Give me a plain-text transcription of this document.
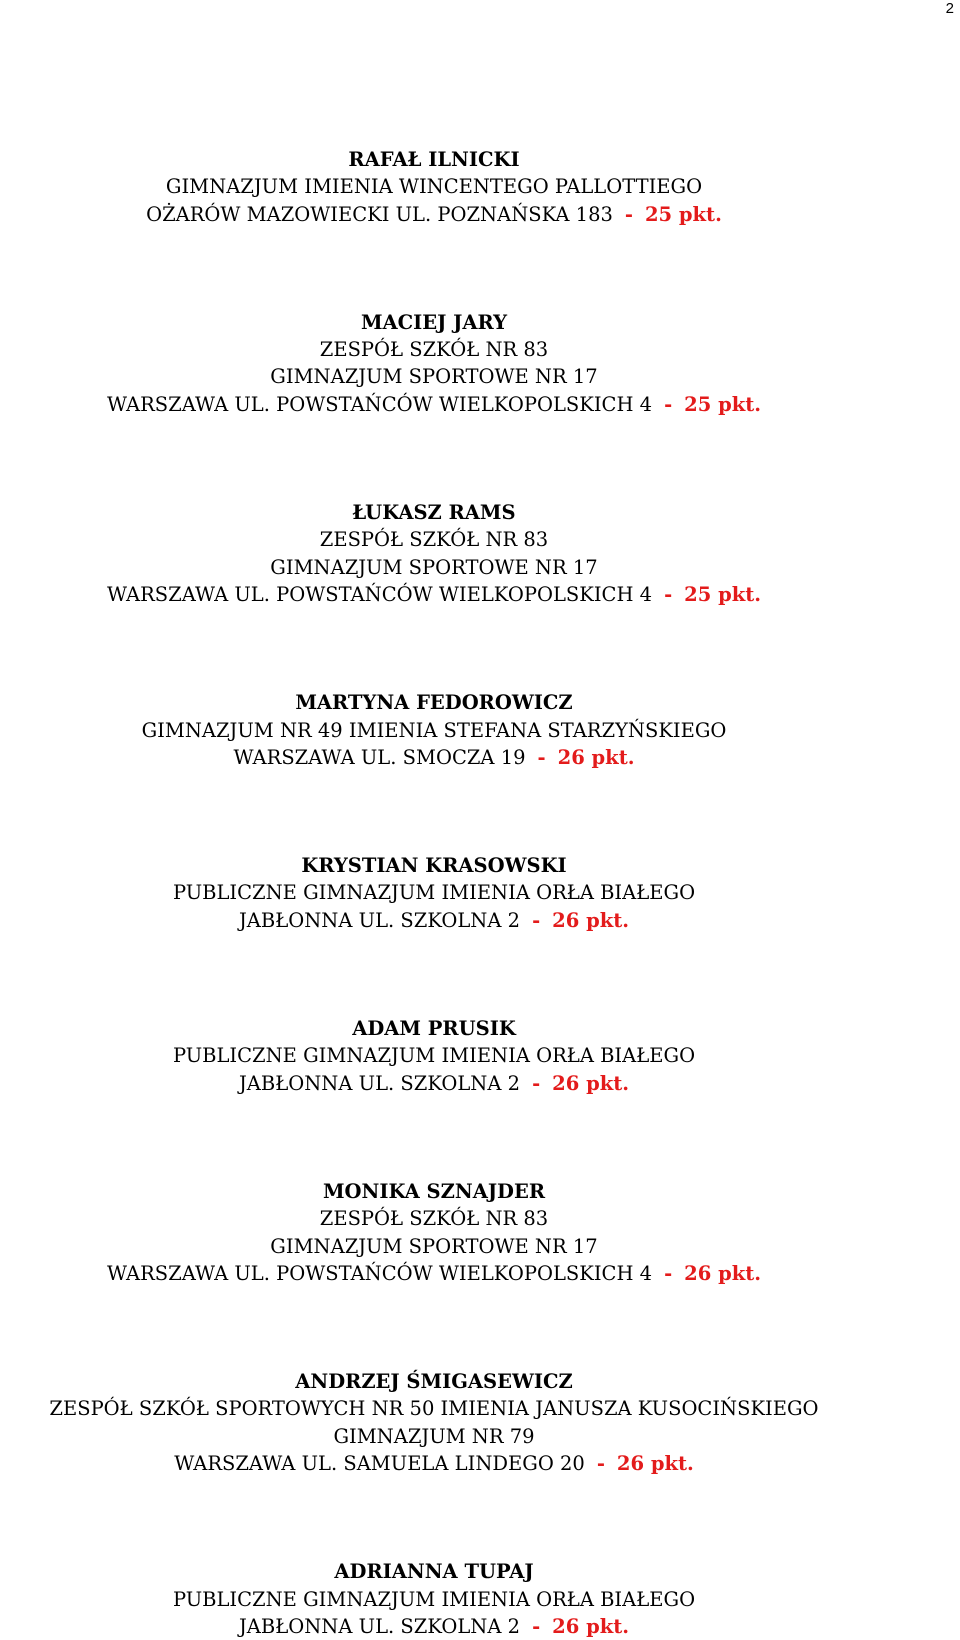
2
RAFAŁ ILNICKI
GIMNAZJUM IMIENIA WINCENTEGO PALLOTTIEGO
OŻARÓW MAZOWIECKI UL. POZNAŃSKA 183 - 25 pkt.
MACIEJ JARY
ZESPÓŁ SZKÓŁ NR 83
GIMNAZJUM SPORTOWE NR 17
WARSZAWA UL. POWSTAŃCÓW WIELKOPOLSKICH 4 - 25 pkt.
ŁUKASZ RAMS
ZESPÓŁ SZKÓŁ NR 83
GIMNAZJUM SPORTOWE NR 17
WARSZAWA UL. POWSTAŃCÓW WIELKOPOLSKICH 4 - 25 pkt.
MARTYNA FEDOROWICZ
GIMNAZJUM NR 49 IMIENIA STEFANA STARZYŃSKIEGO
WARSZAWA UL. SMOCZA 19 - 26 pkt.
KRYSTIAN KRASOWSKI
PUBLICZNE GIMNAZJUM IMIENIA ORŁA BIAŁEGO
JABŁONNA UL. SZKOLNA 2 - 26 pkt.
ADAM PRUSIK
PUBLICZNE GIMNAZJUM IMIENIA ORŁA BIAŁEGO
JABŁONNA UL. SZKOLNA 2 - 26 pkt.
MONIKA SZNAJDER
ZESPÓŁ SZKÓŁ NR 83
GIMNAZJUM SPORTOWE NR 17
WARSZAWA UL. POWSTAŃCÓW WIELKOPOLSKICH 4 - 26 pkt.
ANDRZEJ ŚMIGASEWICZ
ZESPÓŁ SZKÓŁ SPORTOWYCH NR 50 IMIENIA JANUSZA KUSOCIŃSKIEGO
GIMNAZJUM NR 79
WARSZAWA UL. SAMUELA LINDEGO 20 - 26 pkt.
ADRIANNA TUPAJ
PUBLICZNE GIMNAZJUM IMIENIA ORŁA BIAŁEGO
JABŁONNA UL. SZKOLNA 2 - 26 pkt.
